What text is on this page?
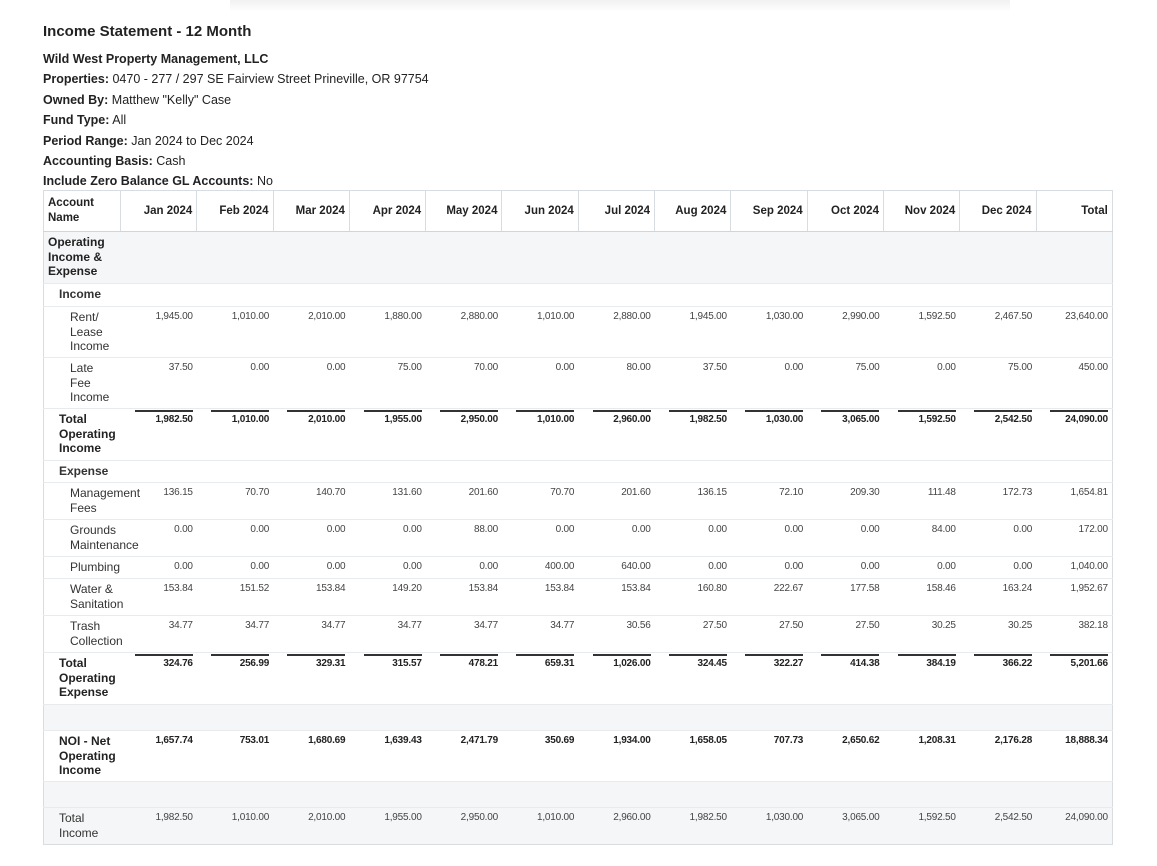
Income Statement - 12 Month
Wild West Property Management, LLC
Properties: 0470 - 277 / 297 SE Fairview Street Prineville, OR 97754
Owned By: Matthew "Kelly" Case
Fund Type: All
Period Range: Jan 2024 to Dec 2024
Accounting Basis: Cash
Include Zero Balance GL Accounts: No
Account Name	Jan 2024	Feb 2024	Mar 2024	Apr 2024	May 2024	Jun 2024	Jul 2024	Aug 2024	Sep 2024	Oct 2024	Nov 2024	Dec 2024	Total
Operating Income & Expense													
Income													
Rent/ Lease Income	1,945.00	1,010.00	2,010.00	1,880.00	2,880.00	1,010.00	2,880.00	1,945.00	1,030.00	2,990.00	1,592.50	2,467.50	23,640.00
Late Fee Income	37.50	0.00	0.00	75.00	70.00	0.00	80.00	37.50	0.00	75.00	0.00	75.00	450.00
Total Operating Income	1,982.50	1,010.00	2,010.00	1,955.00	2,950.00	1,010.00	2,960.00	1,982.50	1,030.00	3,065.00	1,592.50	2,542.50	24,090.00
Expense													
Management Fees	136.15	70.70	140.70	131.60	201.60	70.70	201.60	136.15	72.10	209.30	111.48	172.73	1,654.81
Grounds Maintenance	0.00	0.00	0.00	0.00	88.00	0.00	0.00	0.00	0.00	0.00	84.00	0.00	172.00
Plumbing	0.00	0.00	0.00	0.00	0.00	400.00	640.00	0.00	0.00	0.00	0.00	0.00	1,040.00
Water & Sanitation	153.84	151.52	153.84	149.20	153.84	153.84	153.84	160.80	222.67	177.58	158.46	163.24	1,952.67
Trash Collection	34.77	34.77	34.77	34.77	34.77	34.77	30.56	27.50	27.50	27.50	30.25	30.25	382.18
Total Operating Expense	324.76	256.99	329.31	315.57	478.21	659.31	1,026.00	324.45	322.27	414.38	384.19	366.22	5,201.66

NOI - Net Operating Income	1,657.74	753.01	1,680.69	1,639.43	2,471.79	350.69	1,934.00	1,658.05	707.73	2,650.62	1,208.31	2,176.28	18,888.34

Total Income	1,982.50	1,010.00	2,010.00	1,955.00	2,950.00	1,010.00	2,960.00	1,982.50	1,030.00	3,065.00	1,592.50	2,542.50	24,090.00
